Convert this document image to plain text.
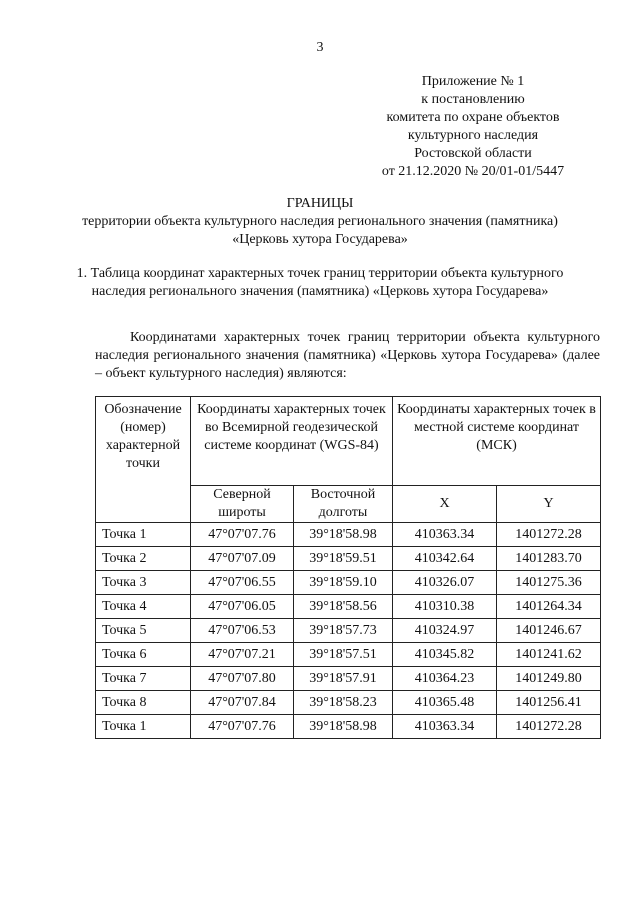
3
Приложение № 1
к постановлению
комитета по охране объектов
культурного наследия
Ростовской области
от 21.12.2020 № 20/01-01/5447
ГРАНИЦЫ
территории объекта культурного наследия регионального значения (памятника)
«Церковь хутора Государева»
1. Таблица координат характерных точек границ территории объекта культурного наследия регионального значения (памятника) «Церковь хутора Государева»
Координатами характерных точек границ территории объекта культурного наследия регионального значения (памятника) «Церковь хутора Государева» (далее – объект культурного наследия) являются:
Обозначение (номер) характерной точки	Координаты характерных точек во Всемирной геодезической системе координат (WGS-84)		Координаты характерных точек в местной системе координат (МСК)	
	Северной широты	Восточной долготы	X	Y
Точка 1	47°07'07.76	39°18'58.98	410363.34	1401272.28
Точка 2	47°07'07.09	39°18'59.51	410342.64	1401283.70
Точка 3	47°07'06.55	39°18'59.10	410326.07	1401275.36
Точка 4	47°07'06.05	39°18'58.56	410310.38	1401264.34
Точка 5	47°07'06.53	39°18'57.73	410324.97	1401246.67
Точка 6	47°07'07.21	39°18'57.51	410345.82	1401241.62
Точка 7	47°07'07.80	39°18'57.91	410364.23	1401249.80
Точка 8	47°07'07.84	39°18'58.23	410365.48	1401256.41
Точка 1	47°07'07.76	39°18'58.98	410363.34	1401272.28
